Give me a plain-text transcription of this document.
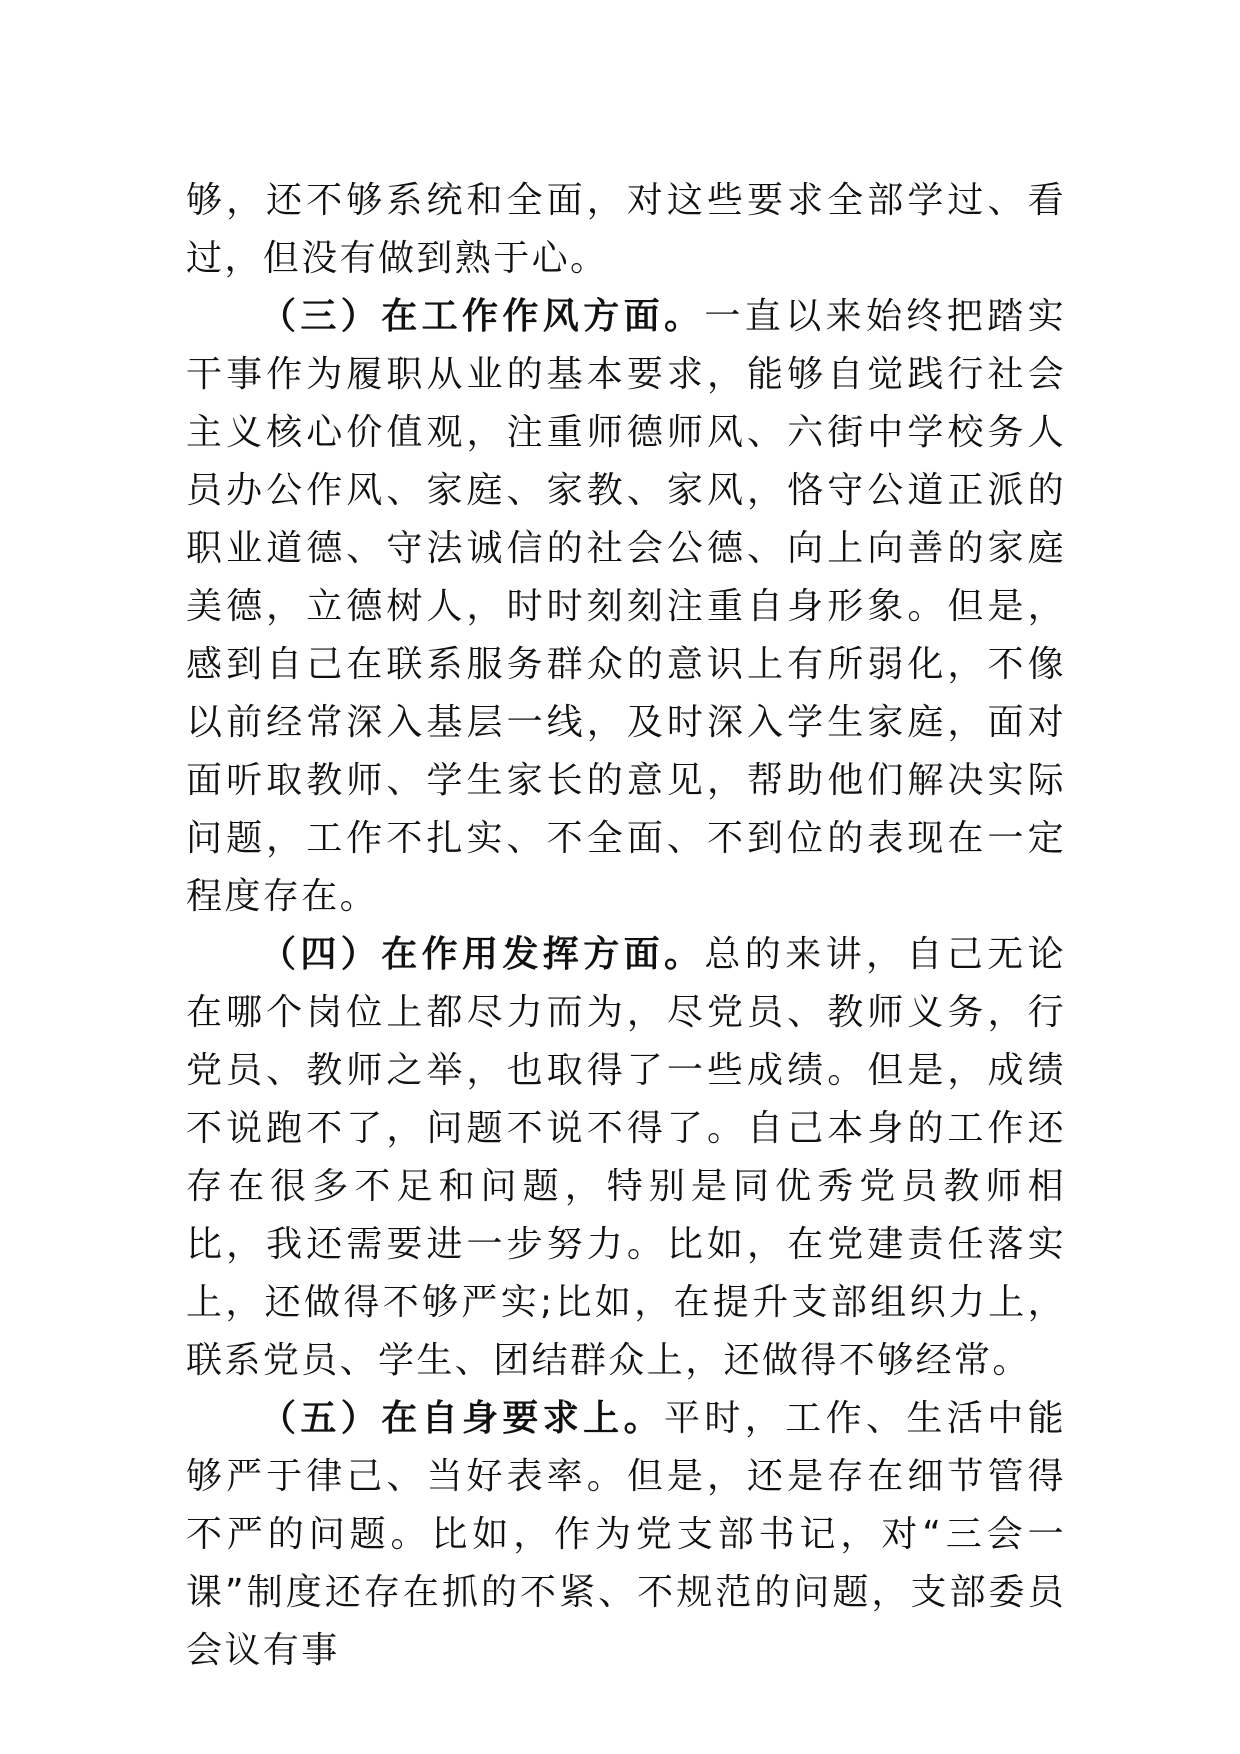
够，还不够系统和全面，对这些要求全部学过、看过，但没有做到熟于心。

（三）在工作作风方面。一直以来始终把踏实干事作为履职从业的基本要求，能够自觉践行社会主义核心价值观，注重师德师风、六街中学校务人员办公作风、家庭、家教、家风，恪守公道正派的职业道德、守法诚信的社会公德、向上向善的家庭美德，立德树人，时时刻刻注重自身形象。但是，感到自己在联系服务群众的意识上有所弱化，不像以前经常深入基层一线，及时深入学生家庭，面对面听取教师、学生家长的意见，帮助他们解决实际问题，工作不扎实、不全面、不到位的表现在一定程度存在。

（四）在作用发挥方面。总的来讲，自己无论在哪个岗位上都尽力而为，尽党员、教师义务，行党员、教师之举，也取得了一些成绩。但是，成绩不说跑不了，问题不说不得了。自己本身的工作还存在很多不足和问题，特别是同优秀党员教师相比，我还需要进一步努力。比如，在党建责任落实上，还做得不够严实;比如，在提升支部组织力上，联系党员、学生、团结群众上，还做得不够经常。

（五）在自身要求上。平时，工作、生活中能够严于律己、当好表率。但是，还是存在细节管得不严的问题。比如，作为党支部书记，对“三会一课”制度还存在抓的不紧、不规范的问题，支部委员会议有事
